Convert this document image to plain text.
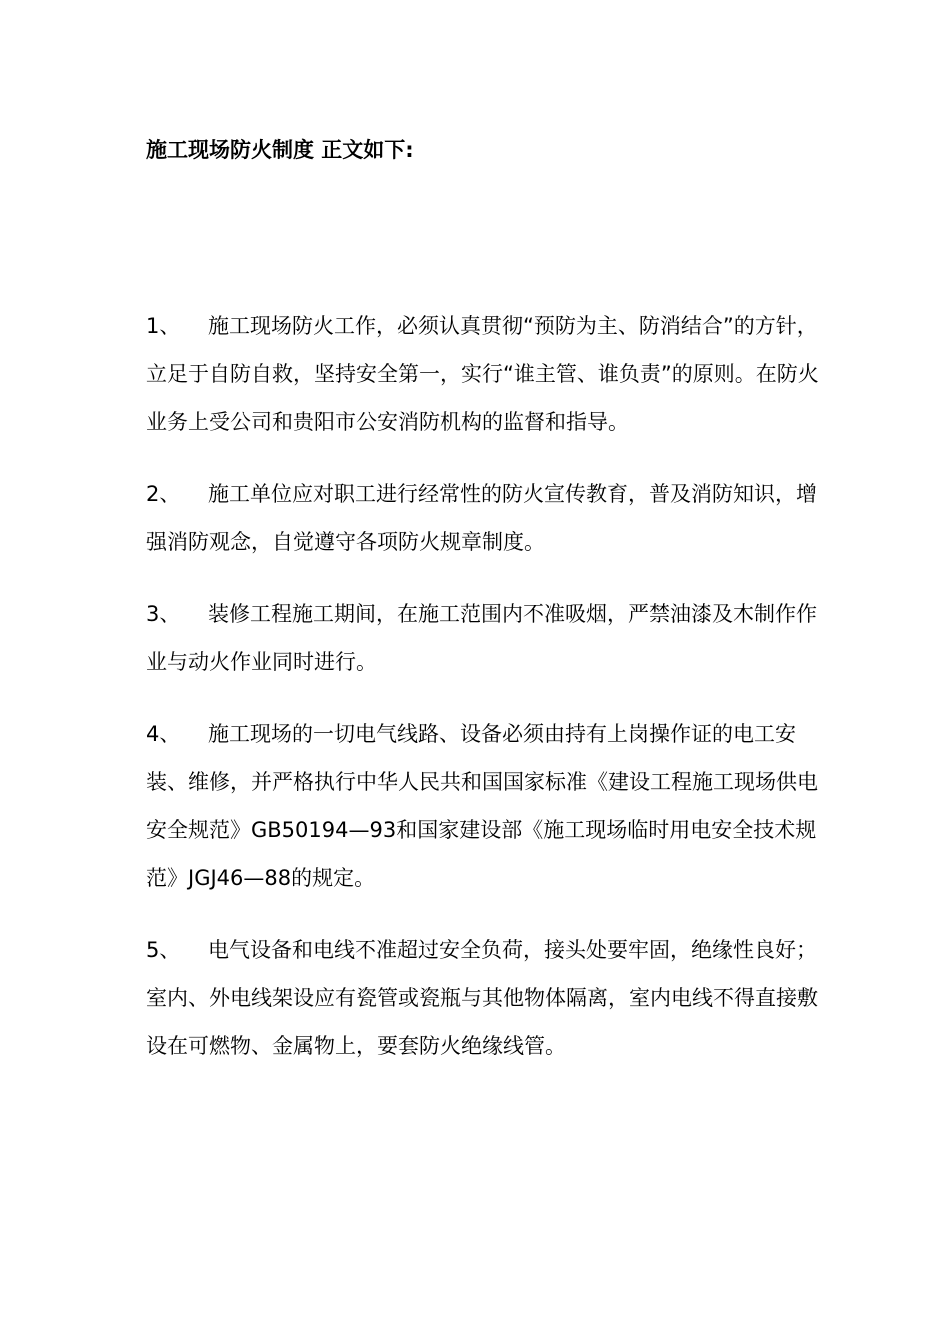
施工现场防火制度 正文如下:

1、 施工现场防火工作，必须认真贯彻“预防为主、防消结合”的方针，立足于自防自救，坚持安全第一，实行“谁主管、谁负责”的原则。在防火业务上受公司和贵阳市公安消防机构的监督和指导。

2、 施工单位应对职工进行经常性的防火宣传教育，普及消防知识，增强消防观念，自觉遵守各项防火规章制度。

3、 装修工程施工期间，在施工范围内不准吸烟，严禁油漆及木制作作业与动火作业同时进行。

4、 施工现场的一切电气线路、设备必须由持有上岗操作证的电工安装、维修，并严格执行中华人民共和国国家标准《建设工程施工现场供电安全规范》GB50194—93和国家建设部《施工现场临时用电安全技术规范》JGJ46—88的规定。

5、 电气设备和电线不准超过安全负荷，接头处要牢固，绝缘性良好；室内、外电线架设应有瓷管或瓷瓶与其他物体隔离，室内电线不得直接敷设在可燃物、金属物上，要套防火绝缘线管。
